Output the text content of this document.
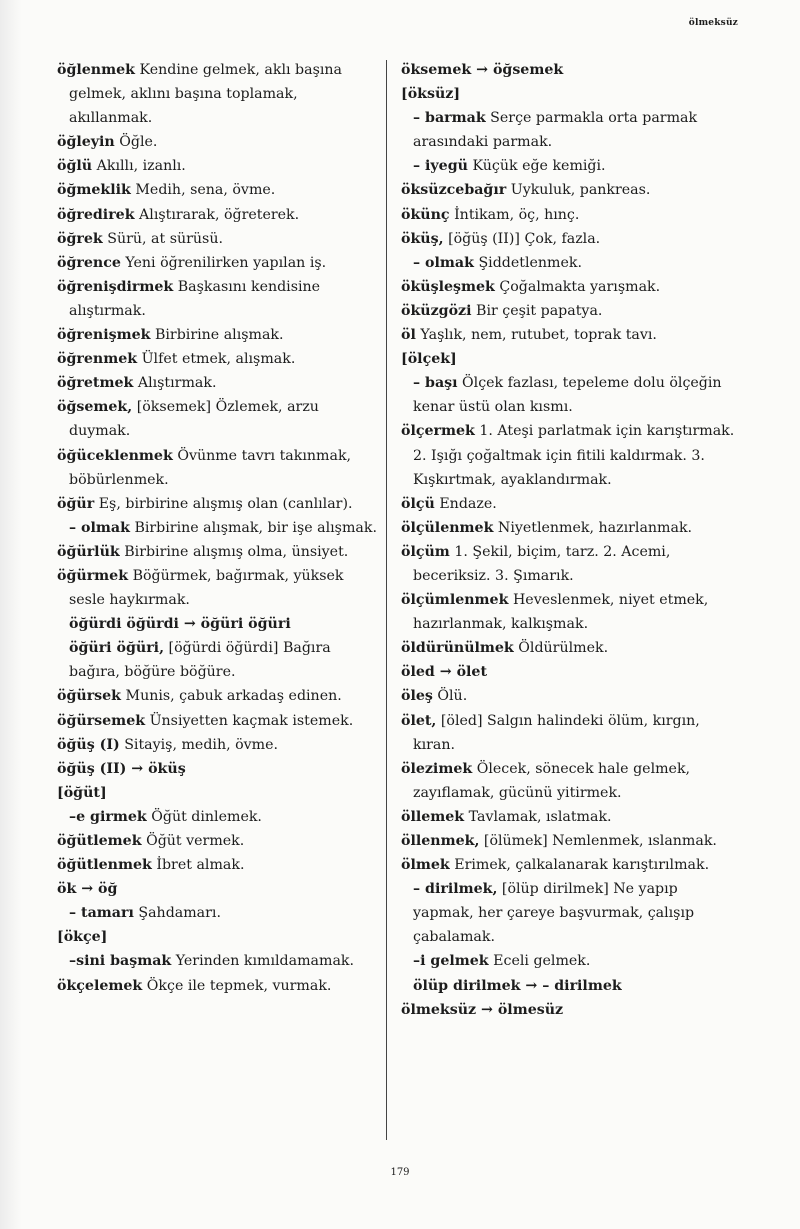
ölmeksüz

öğlenmek Kendine gelmek, aklı başına gelmek, aklını başına toplamak, akıllanmak.

öğleyin Öğle.

öğlü Akıllı, izanlı.

öğmeklik Medih, sena, övme.

öğredirek Alıştırarak, öğreterek.

öğrek Sürü, at sürüsü.

öğrence Yeni öğrenilirken yapılan iş.

öğrenişdirmek Başkasını kendisine alıştırmak.

öğrenişmek Birbirine alışmak.

öğrenmek Ülfet etmek, alışmak.

öğretmek Alıştırmak.

öğsemek, [öksemek] Özlemek, arzu duymak.

öğüceklenmek Övünme tavrı takınmak, böbürlenmek.

öğür Eş, birbirine alışmış olan (canlılar).

– olmak Birbirine alışmak, bir işe alışmak.

öğürlük Birbirine alışmış olma, ünsiyet.

öğürmek Böğürmek, bağırmak, yüksek sesle haykırmak.

öğürdi öğürdi → öğüri öğüri

öğüri öğüri, [öğürdi öğürdi] Bağıra bağıra, böğüre böğüre.

öğürsek Munis, çabuk arkadaş edinen.

öğürsemek Ünsiyetten kaçmak istemek.

öğüş (I) Sitayiş, medih, övme.

öğüş (II) → öküş

[öğüt]

–e girmek Öğüt dinlemek.

öğütlemek Öğüt vermek.

öğütlenmek İbret almak.

ök → öğ

– tamarı Şahdamarı.

[ökçe]

–sini başmak Yerinden kımıldamamak.

ökçelemek Ökçe ile tepmek, vurmak.

öksemek → öğsemek

[öksüz]

– barmak Serçe parmakla orta parmak arasındaki parmak.

– iyegü Küçük eğe kemiği.

öksüzcebağır Uykuluk, pankreas.

ökünç İntikam, öç, hınç.

öküş, [öğüş (II)] Çok, fazla.

– olmak Şiddetlenmek.

öküşleşmek Çoğalmakta yarışmak.

öküzgözi Bir çeşit papatya.

öl Yaşlık, nem, rutubet, toprak tavı.

[ölçek]

– başı Ölçek fazlası, tepeleme dolu ölçeğin kenar üstü olan kısmı.

ölçermek 1. Ateşi parlatmak için karıştırmak. 2. Işığı çoğaltmak için fitili kaldırmak. 3. Kışkırtmak, ayaklandırmak.

ölçü Endaze.

ölçülenmek Niyetlenmek, hazırlanmak.

ölçüm 1. Şekil, biçim, tarz. 2. Acemi, beceriksiz. 3. Şımarık.

ölçümlenmek Heveslenmek, niyet etmek, hazırlanmak, kalkışmak.

öldürünülmek Öldürülmek.

öled → ölet

öleş Ölü.

ölet, [öled] Salgın halindeki ölüm, kırgın, kıran.

ölezimek Ölecek, sönecek hale gelmek, zayıflamak, gücünü yitirmek.

öllemek Tavlamak, ıslatmak.

öllenmek, [ölümek] Nemlenmek, ıslanmak.

ölmek Erimek, çalkalanarak karıştırılmak.

– dirilmek, [ölüp dirilmek] Ne yapıp yapmak, her çareye başvurmak, çalışıp çabalamak.

–i gelmek Eceli gelmek.

ölüp dirilmek → – dirilmek

ölmeksüz → ölmesüz

179
